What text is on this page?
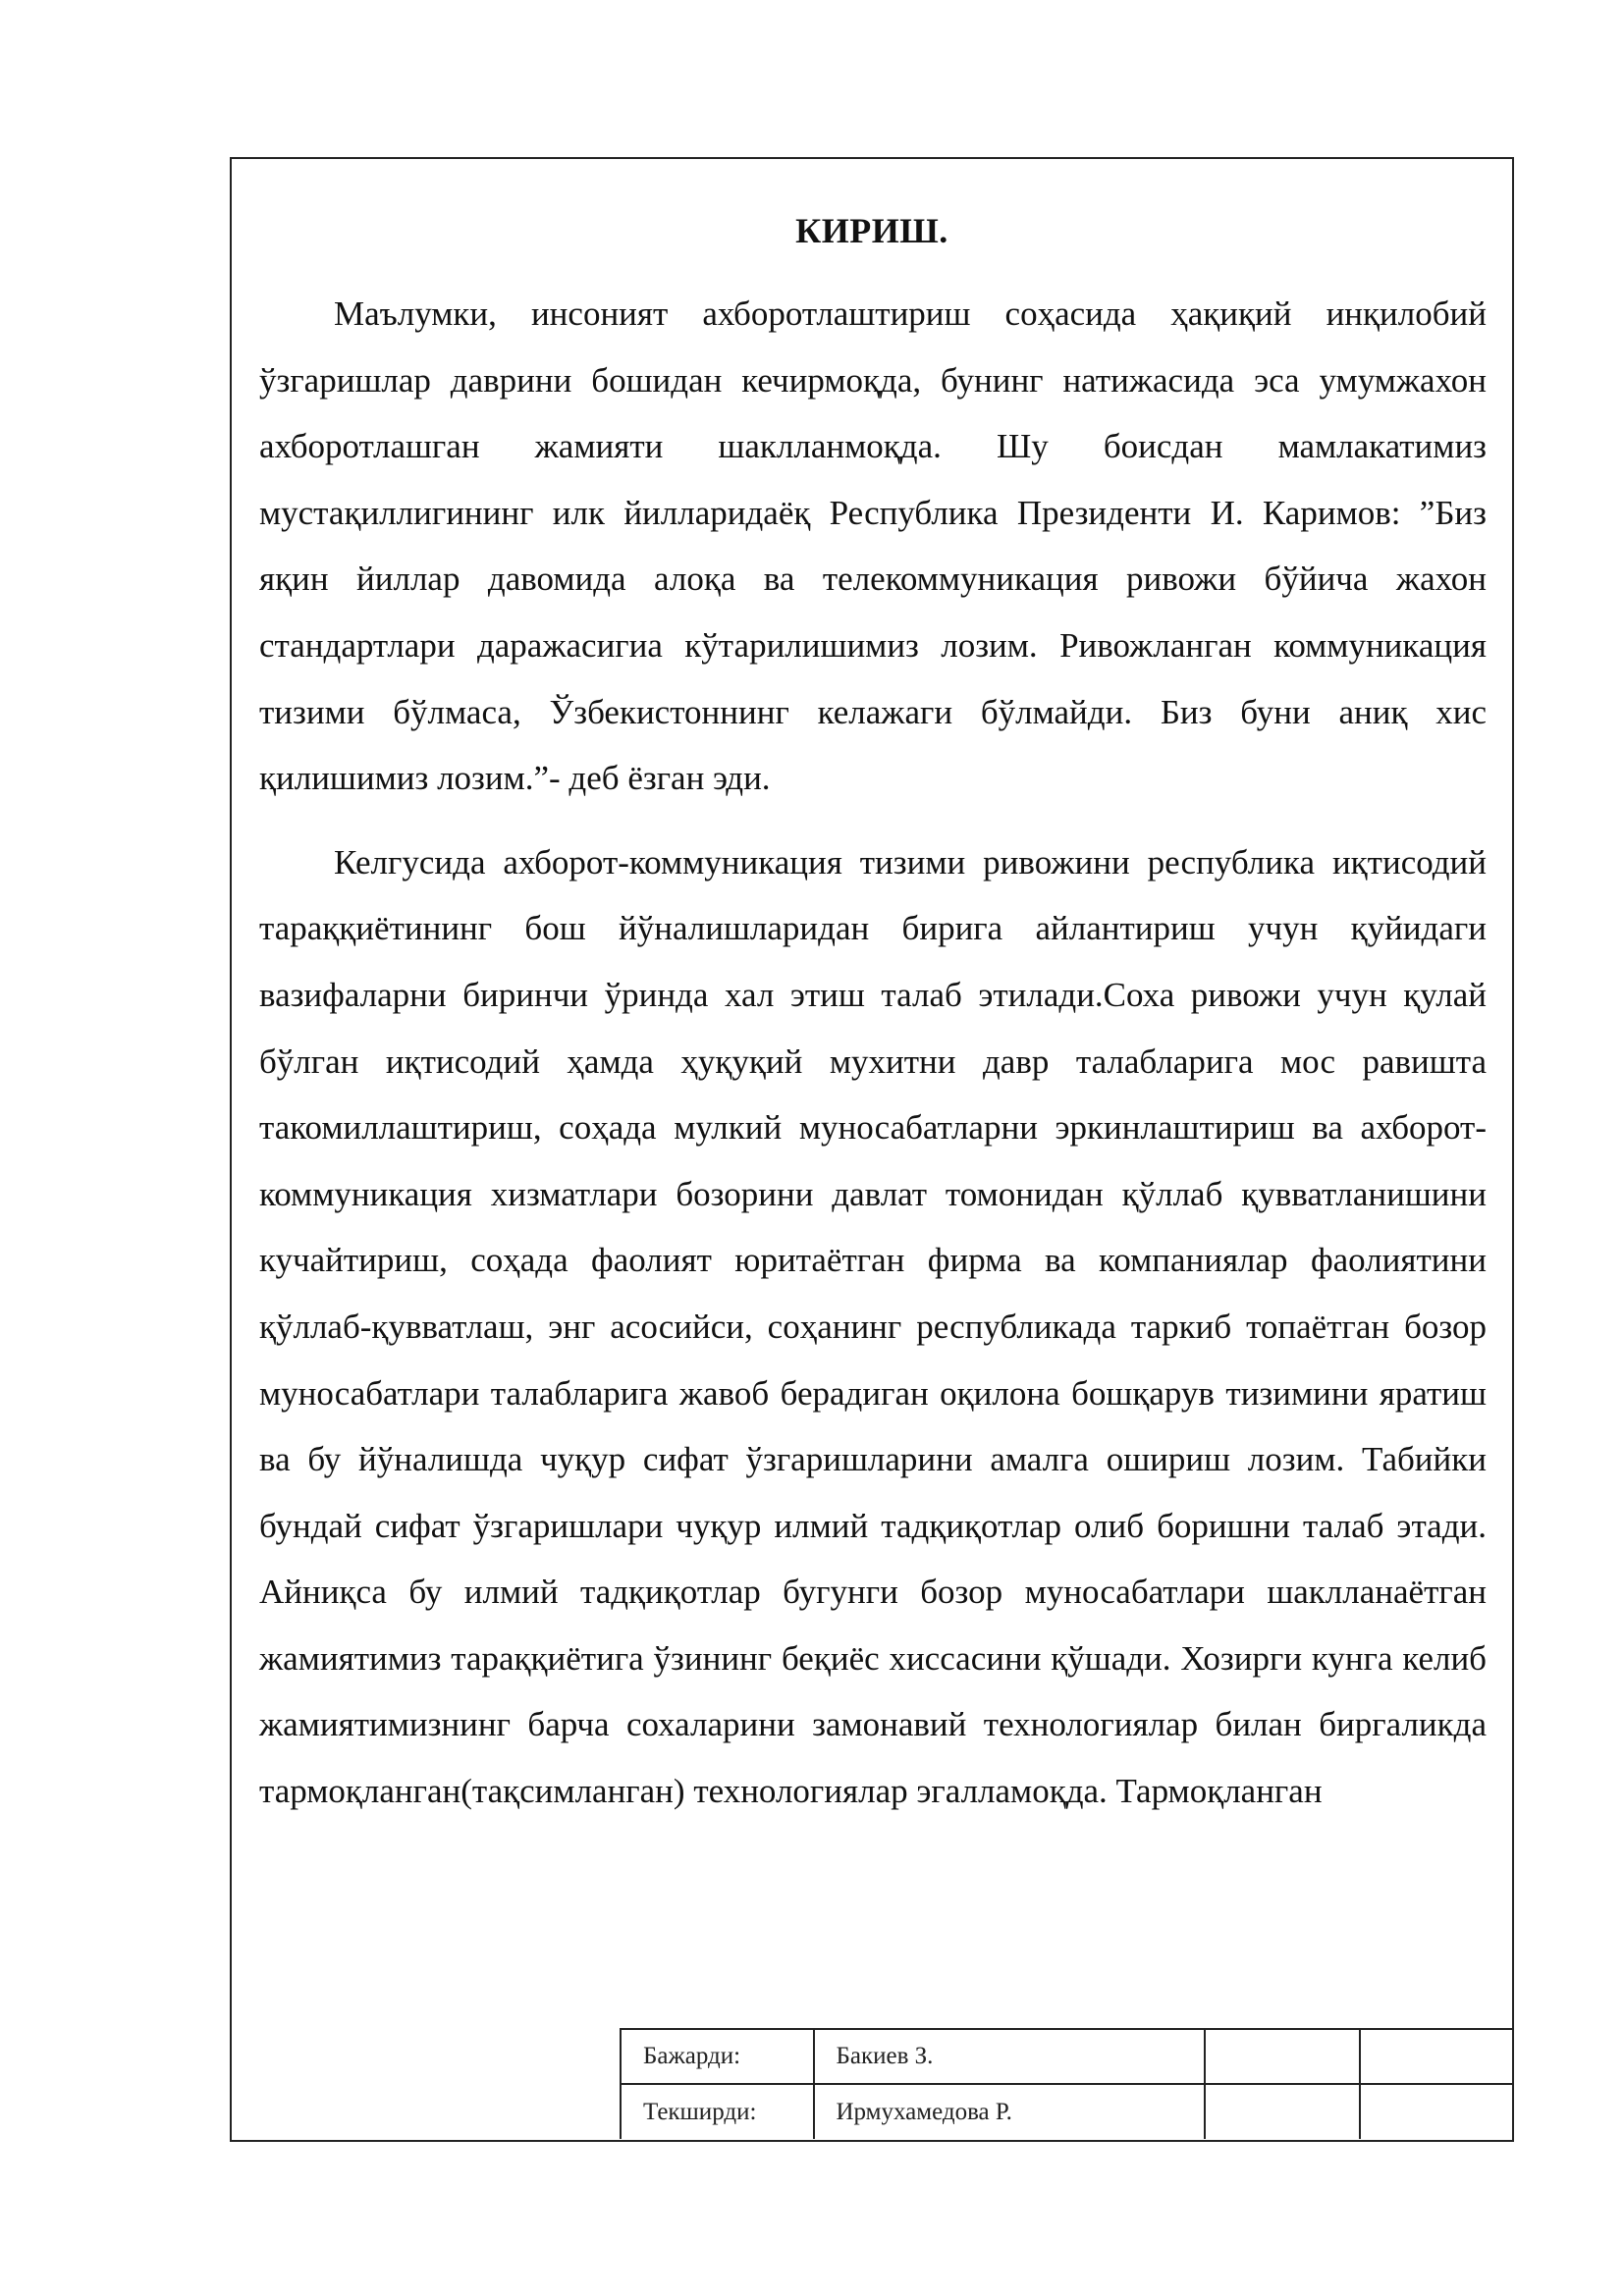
КИРИШ.

Маълумки, инсоният ахборотлаштириш соҳасида ҳақиқий инқилобий ўзгаришлар даврини бошидан кечирмоқда, бунинг натижасида эса умумжахон ахборотлашган жамияти шаклланмоқда. Шу боисдан мамлакатимиз мустақиллигининг илк йилларидаёқ Республика Президенти И. Каримов: ”Биз яқин йиллар давомида алоқа ва телекоммуникация ривожи бўйича жахон стандартлари даражасигиа кўтарилишимиз лозим. Ривожланган коммуникация тизими бўлмаса, Ўзбекистоннинг келажаги бўлмайди. Биз буни аниқ хис қилишимиз лозим.”- деб ёзган эди.

Келгусида ахборот-коммуникация тизими ривожини республика иқтисодий тараққиётининг бош йўналишларидан бирига айлантириш учун қуйидаги вазифаларни биринчи ўринда хал этиш талаб этилади.Соха ривожи учун қулай бўлган иқтисодий ҳамда ҳуқуқий мухитни давр талабларига мос равишта такомиллаштириш, соҳада мулкий муносабатларни эркинлаштириш ва ахборот-коммуникация хизматлари бозорини давлат томонидан қўллаб қувватланишини кучайтириш, соҳада фаолият юритаётган фирма ва компаниялар фаолиятини қўллаб-қувватлаш, энг асосийси, соҳанинг республикада таркиб топаётган бозор муносабатлари талабларига жавоб берадиган оқилона бошқарув тизимини яратиш ва бу йўналишда чуқур сифат ўзгаришларини амалга ошириш лозим. Табийки бундай сифат ўзгаришлари чуқур илмий тадқиқотлар олиб боришни талаб этади. Айниқса бу илмий тадқиқотлар бугунги бозор муносабатлари шаклланаётган жамиятимиз тараққиётига ўзининг беқиёс хиссасини қўшади. Хозирги кунга келиб жамиятимизнинг барча сохаларини замонавий технологиялар билан биргаликда тармоқланган(тақсимланган) технологиялар эгалламоқда. Тармоқланган

Бажарди:	Бакиев З.		
Текширди:	Ирмухамедова Р.		
